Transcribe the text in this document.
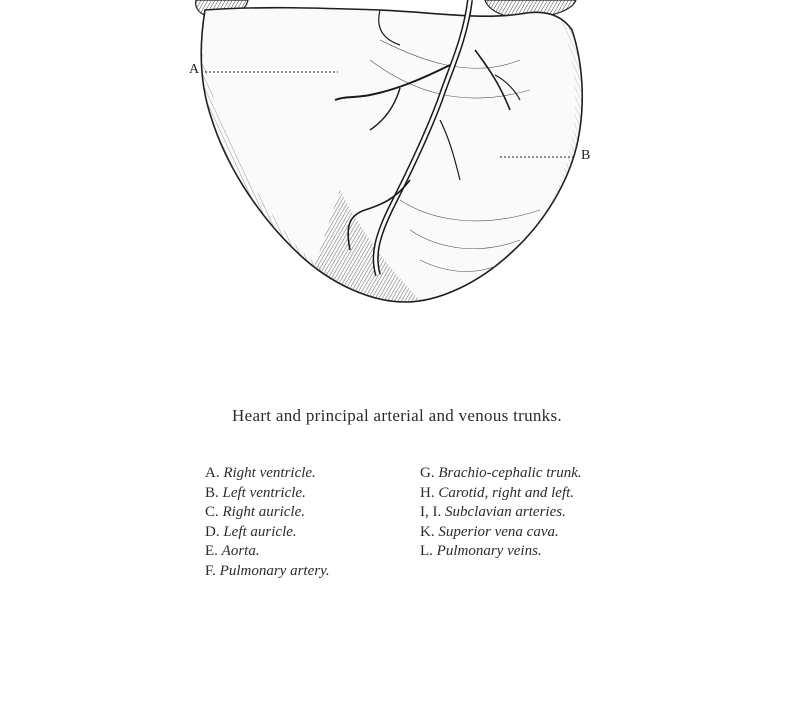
A
B
Heart and principal arterial and venous trunks.
A. Right ventricle.
B. Left ventricle.
C. Right auricle.
D. Left auricle.
E. Aorta.
F. Pulmonary artery.
G. Brachio-cephalic trunk.
H. Carotid, right and left.
I, I. Subclavian arteries.
K. Superior vena cava.
L. Pulmonary veins.
